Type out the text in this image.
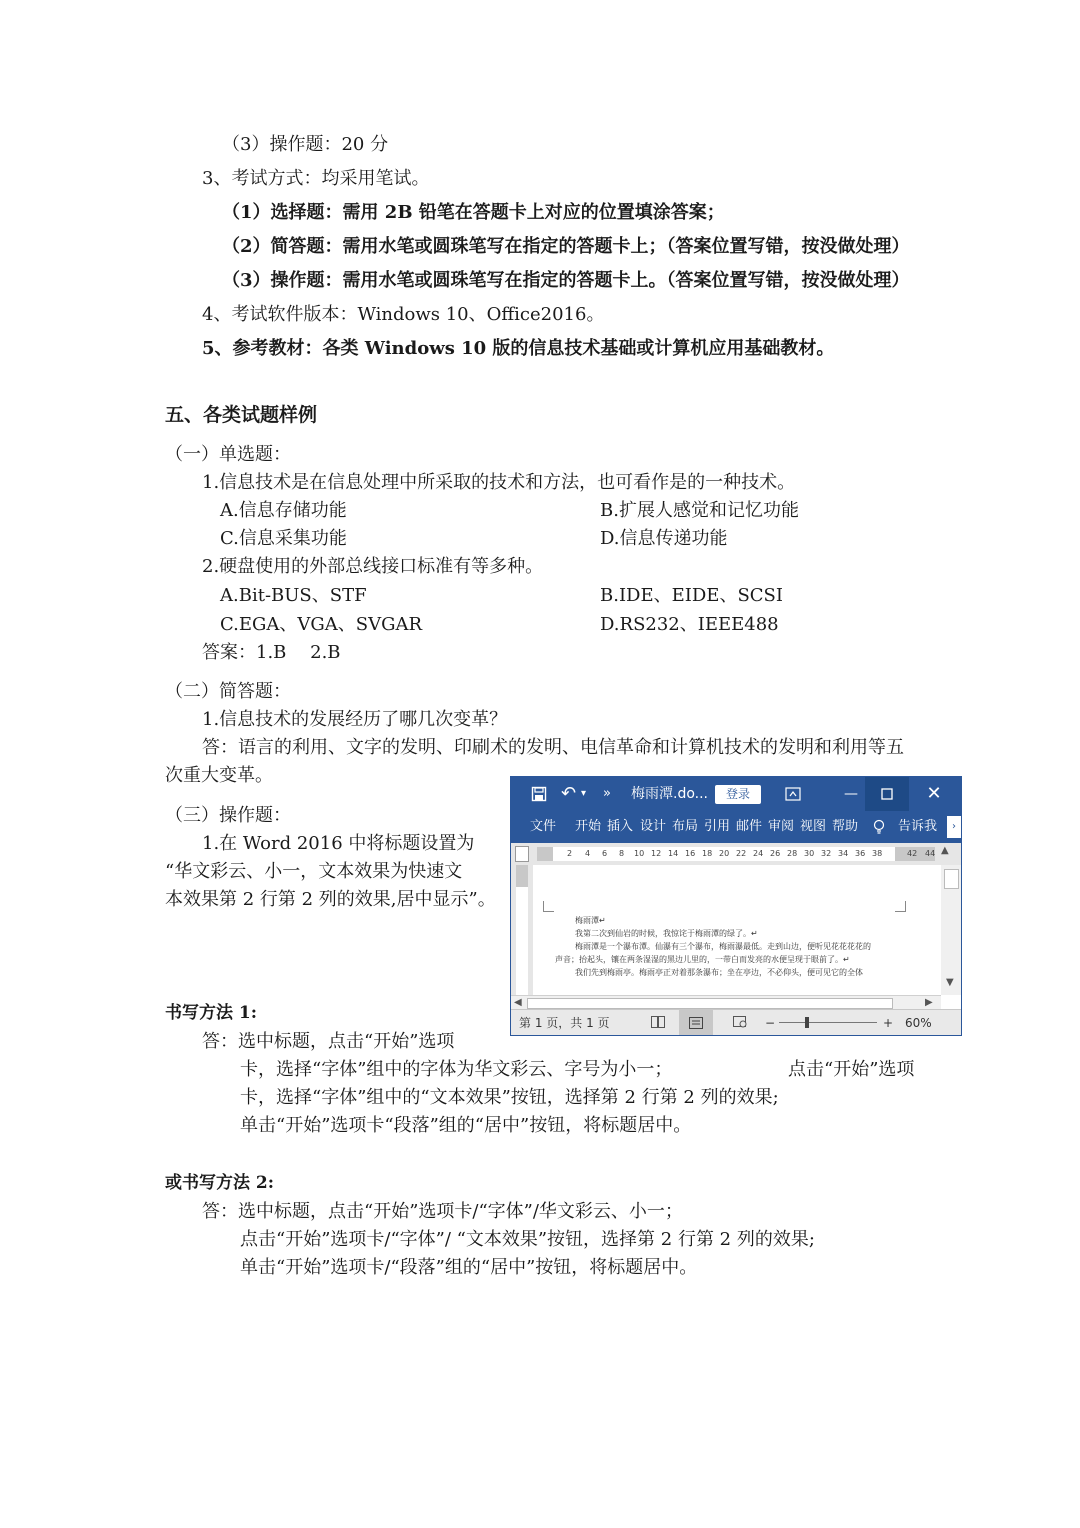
（3）操作题：20 分
3、考试方式：均采用笔试。
（1）选择题：需用 2B 铅笔在答题卡上对应的位置填涂答案；
（2）简答题：需用水笔或圆珠笔写在指定的答题卡上；（答案位置写错，按没做处理）
（3）操作题：需用水笔或圆珠笔写在指定的答题卡上。（答案位置写错，按没做处理）
4、考试软件版本：Windows 10、Office2016。
5、参考教材：各类 Windows 10 版的信息技术基础或计算机应用基础教材。
五、各类试题样例
（一）单选题：
1.信息技术是在信息处理中所采取的技术和方法，也可看作是的一种技术。
A.信息存储功能	B.扩展人感觉和记忆功能
C.信息采集功能	D.信息传递功能
2.硬盘使用的外部总线接口标准有等多种。
A.Bit-BUS、STF	B.IDE、EIDE、SCSI
C.EGA、VGA、SVGAR	D.RS232、IEEE488
答案：1.B　 2.B
（二）简答题：
1.信息技术的发展经历了哪几次变革？
答：语言的利用、文字的发明、印刷术的发明、电信革命和计算机技术的发明和利用等五
次重大变革。
（三）操作题：
1.在 Word 2016 中将标题设置为
“华文彩云、小一，文本效果为快速文
本效果第 2 行第 2 列的效果,居中显示”。
书写方法 1:
答：选中标题，点击“开始”选项
卡，选择“字体”组中的字体为华文彩云、字号为小一；	点击“开始”选项
卡，选择“字体”组中的“文本效果”按钮，选择第 2 行第 2 列的效果;
单击“开始”选项卡“段落”组的“居中”按钮，将标题居中。
或书写方法 2:
答：选中标题，点击“开始”选项卡/“字体”/华文彩云、小一；
点击“开始”选项卡/“字体”/ “文本效果”按钮，选择第 2 行第 2 列的效果;
单击“开始”选项卡/“段落”组的“居中”按钮，将标题居中。
↶ ▾ » 梅雨潭.do...	登录	—	✕
文件 开始 插入 设计 布局 引用 邮件 审阅 视图 帮助	告诉我	›
2 4 6 8 10 12 14 16 18 20 22 24 26 28 30 32 34 36 38	42 44 ▲
梅雨潭↵
我第二次到仙岩的时候，我惊诧于梅雨潭的绿了。↵
梅雨潭是一个瀑布潭。仙瀑有三个瀑布，梅雨瀑最低。走到山边，便听见花花花花的
声音；抬起头，镶在两条湿湿的黑边儿里的，一带白而发亮的水便呈现于眼前了。↵
我们先到梅雨亭。梅雨亭正对着那条瀑布；坐在亭边，不必仰头，便可见它的全体
▼
◀	▶
第 1 页，共 1 页	−	+ 60%
